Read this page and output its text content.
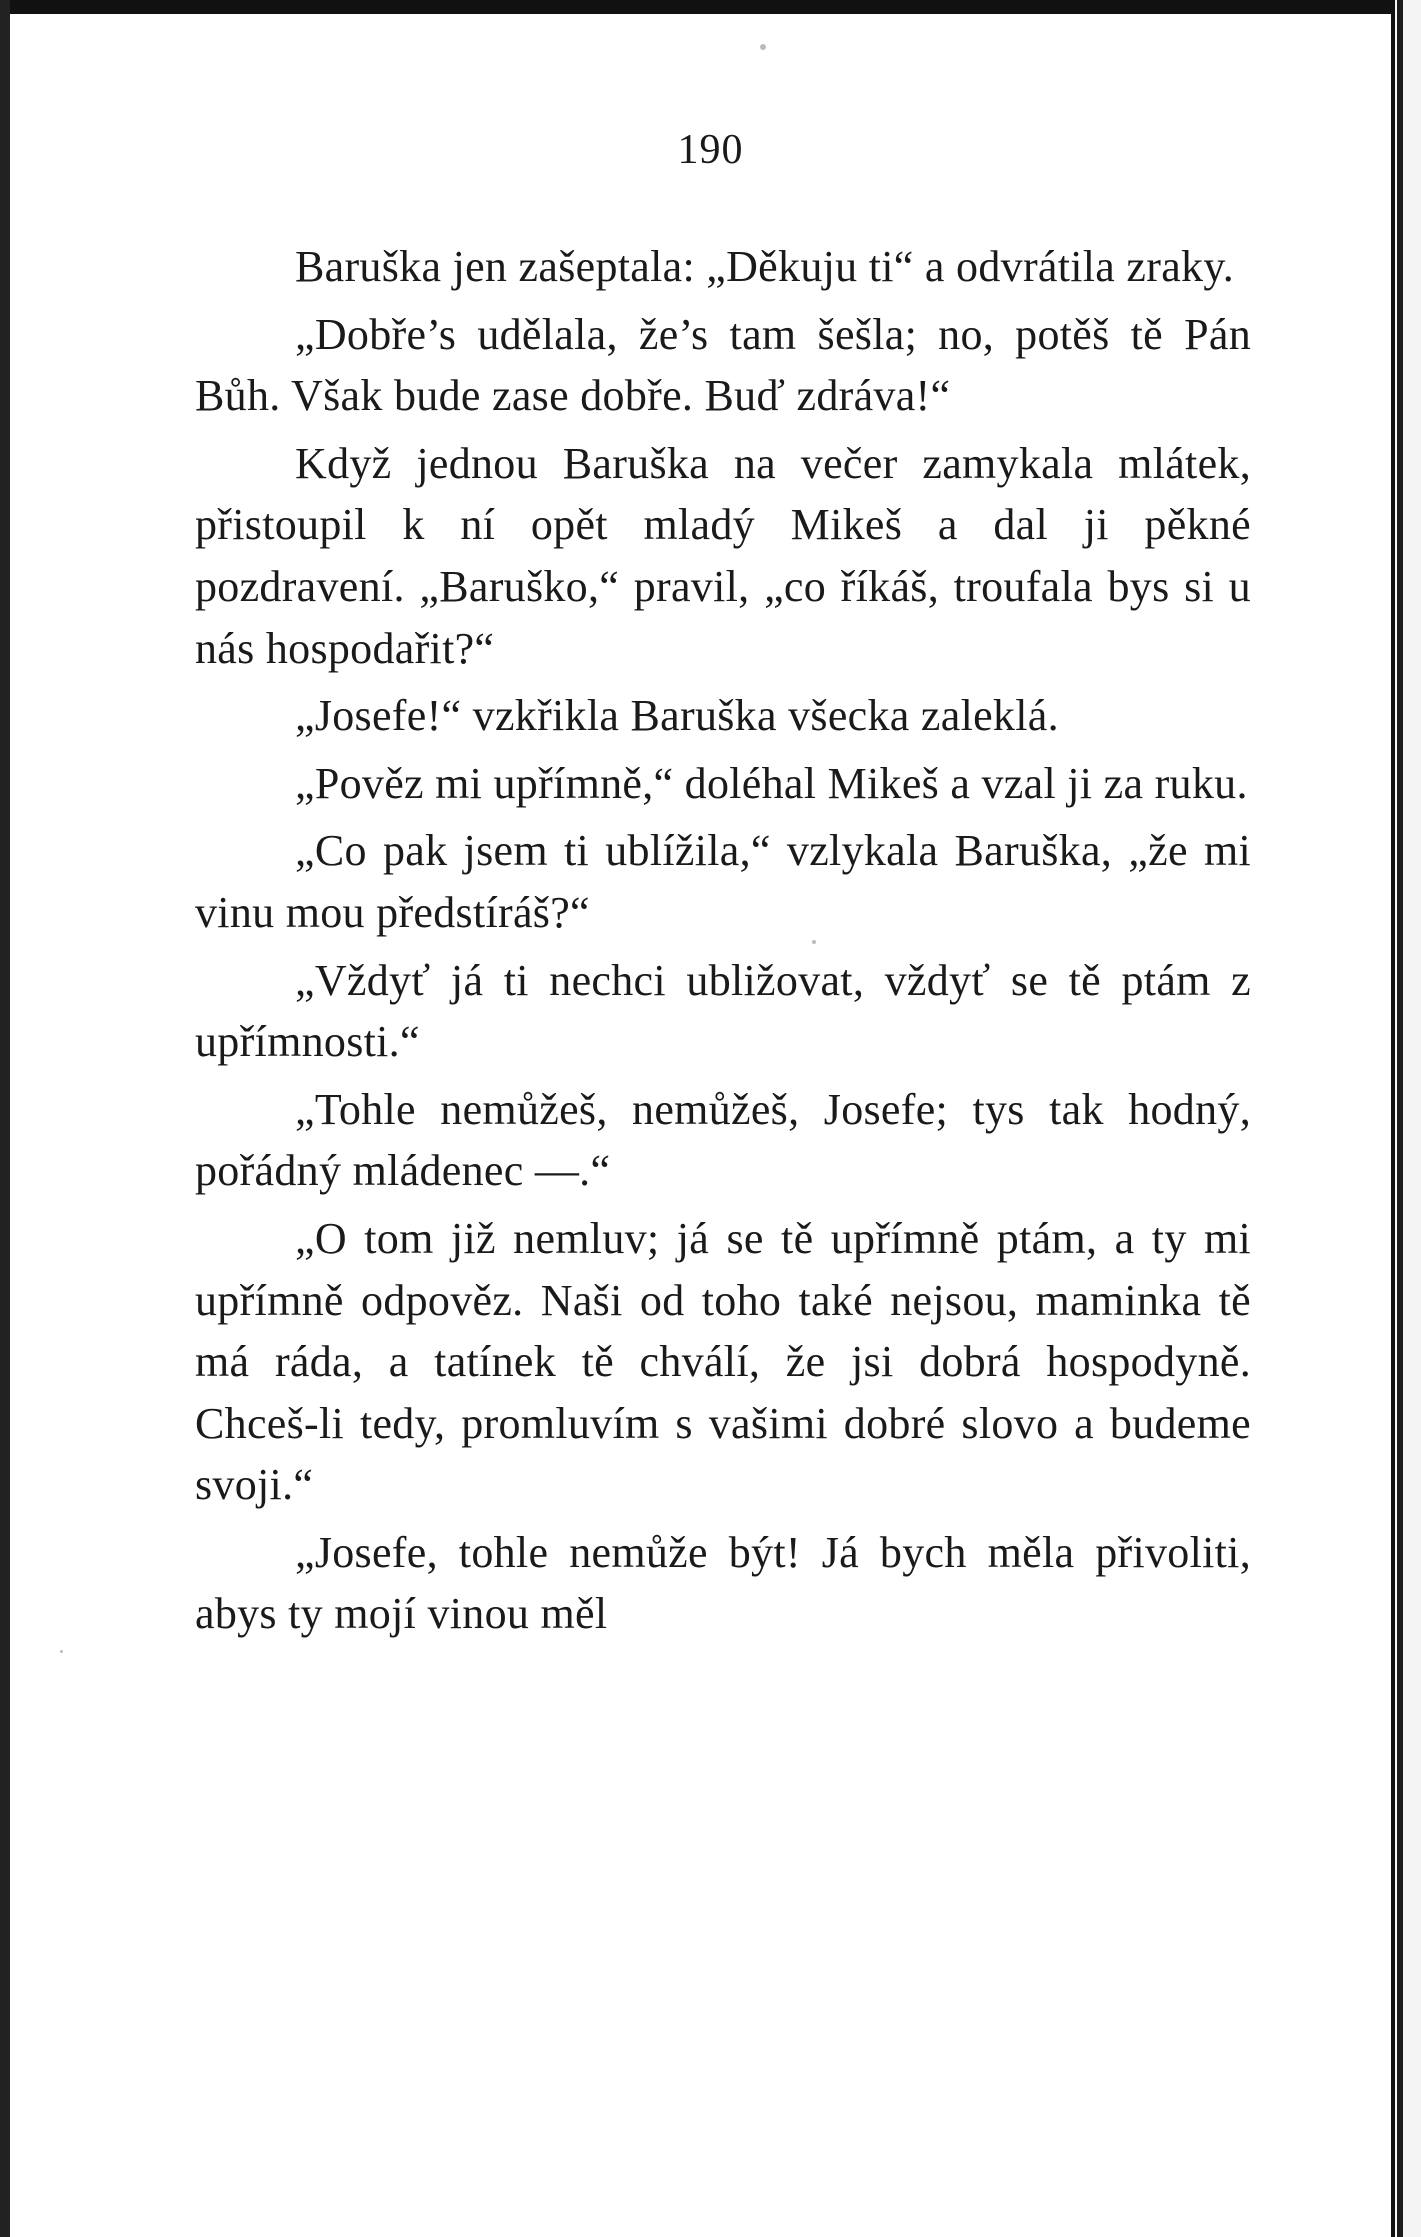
190

Baruška jen zašeptala: „Děkuju ti“ a odvrátila zraky.

„Dobře’s udělala, že’s tam šešla; no, potěš tě Pán Bůh. Však bude zase dobře. Buď zdráva!“

Když jednou Baruška na večer zamykala mlátek, přistoupil k ní opět mladý Mikeš a dal ji pěkné pozdravení. „Baruško,“ pravil, „co říkáš, troufala bys si u nás hospodařit?“

„Josefe!“ vzkřikla Baruška všecka zaleklá.

„Pověz mi upřímně,“ doléhal Mikeš a vzal ji za ruku.

„Co pak jsem ti ublížila,“ vzlykala Baruška, „že mi vinu mou předstíráš?“

„Vždyť já ti nechci ubližovat, vždyť se tě ptám z upřímnosti.“

„Tohle nemůžeš, nemůžeš, Josefe; tys tak hodný, pořádný mládenec —.“

„O tom již nemluv; já se tě upřímně ptám, a ty mi upřímně odpověz. Naši od toho také nejsou, maminka tě má ráda, a tatínek tě chválí, že jsi dobrá hospodyně. Chceš-li tedy, promluvím s vašimi dobré slovo a budeme svoji.“

„Josefe, tohle nemůže být! Já bych měla přivoliti, abys ty mojí vinou měl
